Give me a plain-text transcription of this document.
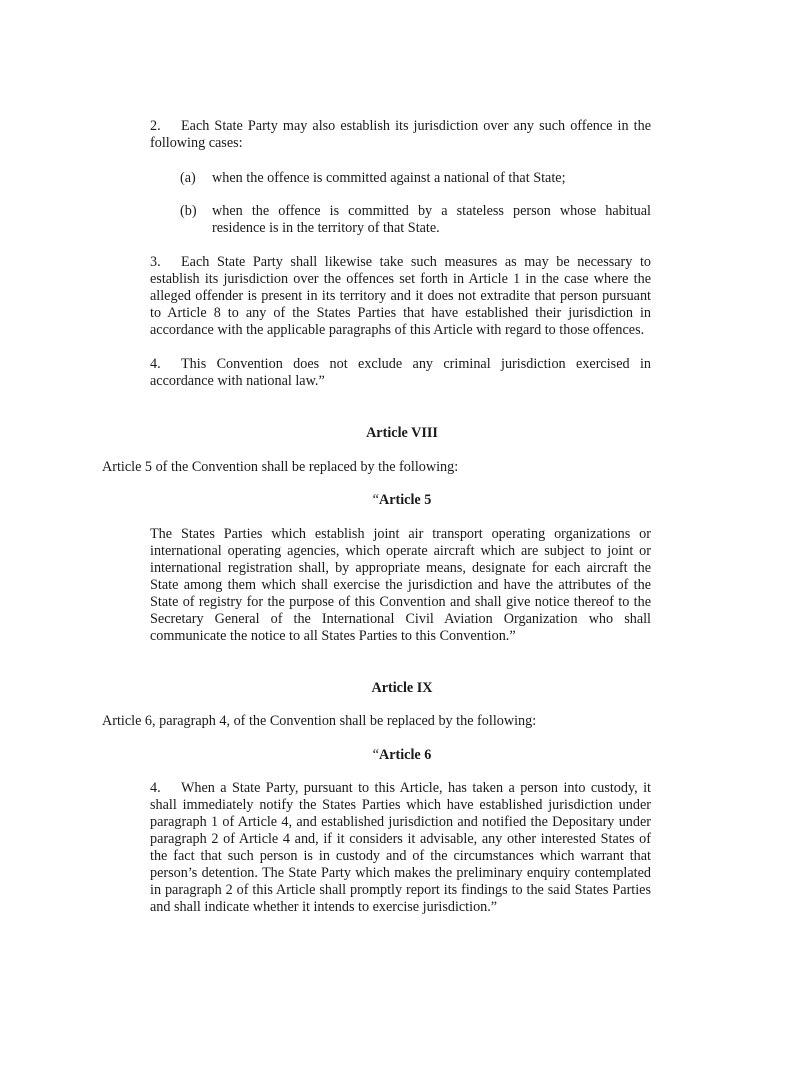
2. Each State Party may also establish its jurisdiction over any such offence in the following cases:
(a)	when the offence is committed against a national of that State;
(b)	when the offence is committed by a stateless person whose habitual residence is in the territory of that State.
3. Each State Party shall likewise take such measures as may be necessary to establish its jurisdiction over the offences set forth in Article 1 in the case where the alleged offender is present in its territory and it does not extradite that person pursuant to Article 8 to any of the States Parties that have established their jurisdiction in accordance with the applicable paragraphs of this Article with regard to those offences.
4. This Convention does not exclude any criminal jurisdiction exercised in accordance with national law.”
Article VIII
Article 5 of the Convention shall be replaced by the following:
“Article 5
The States Parties which establish joint air transport operating organizations or international operating agencies, which operate aircraft which are subject to joint or international registration shall, by appropriate means, designate for each aircraft the State among them which shall exercise the jurisdiction and have the attributes of the State of registry for the purpose of this Convention and shall give notice thereof to the Secretary General of the International Civil Aviation Organization who shall communicate the notice to all States Parties to this Convention.”
Article IX
Article 6, paragraph 4, of the Convention shall be replaced by the following:
“Article 6
4. When a State Party, pursuant to this Article, has taken a person into custody, it shall immediately notify the States Parties which have established jurisdiction under paragraph 1 of Article 4, and established jurisdiction and notified the Depositary under paragraph 2 of Article 4 and, if it considers it advisable, any other interested States of the fact that such person is in custody and of the circumstances which warrant that person’s detention. The State Party which makes the preliminary enquiry contemplated in paragraph 2 of this Article shall promptly report its findings to the said States Parties and shall indicate whether it intends to exercise jurisdiction.”
